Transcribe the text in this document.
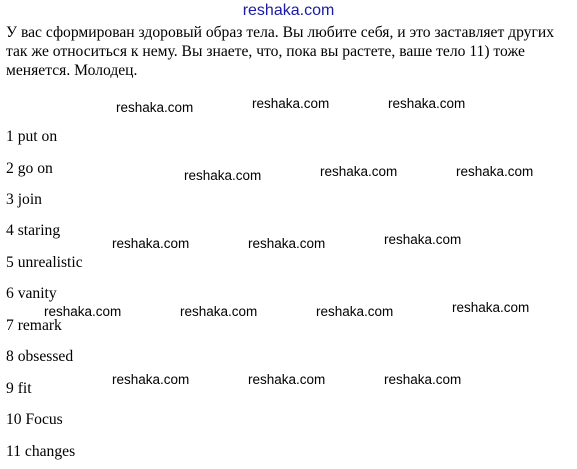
reshaka.com

У вас сформирован здоровый образ тела. Вы любите себя, и это заставляет других так же относиться к нему. Вы знаете, что, пока вы растете, ваше тело 11) тоже меняется. Молодец.

1 put on
2 go on
3 join
4 staring
5 unrealistic
6 vanity
7 remark
8 obsessed
9 fit
10 Focus
11 changes
reshaka.com	reshaka.com	reshaka.com
reshaka.com	reshaka.com	reshaka.com
reshaka.com	reshaka.com	reshaka.com
reshaka.com	reshaka.com	reshaka.com	reshaka.com
reshaka.com	reshaka.com	reshaka.com
